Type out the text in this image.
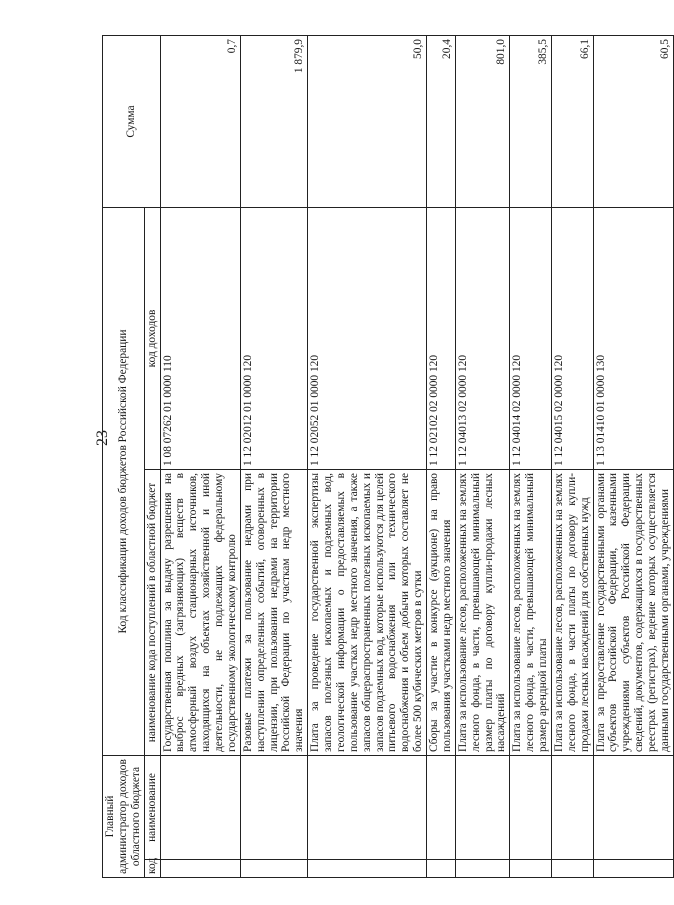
23
Главный администратор доходов областного бюджета		Код классификации доходов бюджетов Российской Федерации		Сумма
код	наименование	наименование кода поступлений в областной бюджет	код доходов	
		Государственная пошлина за выдачу разрешения на выброс вредных (загрязняющих) веществ в атмосферный воздух стационарных источников, находящихся на объектах хозяйственной и иной деятельности, не подлежащих федеральному государственному экологическому контролю	1 08 07262 01 0000 110	0,7
		Разовые платежи за пользование недрами при наступлении определенных событий, оговоренных в лицензии, при пользовании недрами на территории Российской Федерации по участкам недр местного значения	1 12 02012 01 0000 120	1 879,9
		Плата за проведение государственной экспертизы запасов полезных ископаемых и подземных вод, геологической информации о предоставляемых в пользование участках недр местного значения, а также запасов общераспространенных полезных ископаемых и запасов подземных вод, которые используются для целей питьевого водоснабжения или технического водоснабжения и объем добычи которых составляет не более 500 кубических метров в сутки	1 12 02052 01 0000 120	50,0
		Сборы за участие в конкурсе (аукционе) на право пользования участками недр местного значения	1 12 02102 02 0000 120	20,4
		Плата за использование лесов, расположенных на землях лесного фонда, в части, превышающей минимальный размер платы по договору купли-продажи лесных насаждений	1 12 04013 02 0000 120	801,0
		Плата за использование лесов, расположенных на землях лесного фонда, в части, превышающей минимальный размер арендной платы	1 12 04014 02 0000 120	385,5
		Плата за использование лесов, расположенных на землях лесного фонда, в части платы по договору купли-продажи лесных насаждений для собственных нужд	1 12 04015 02 0000 120	66,1
		Плата за предоставление государственными органами субъектов Российской Федерации, казенными учреждениями субъектов Российской Федерации сведений, документов, содержащихся в государственных реестрах (регистрах), ведение которых осуществляется данными государственными органами, учреждениями	1 13 01410 01 0000 130	60,5
